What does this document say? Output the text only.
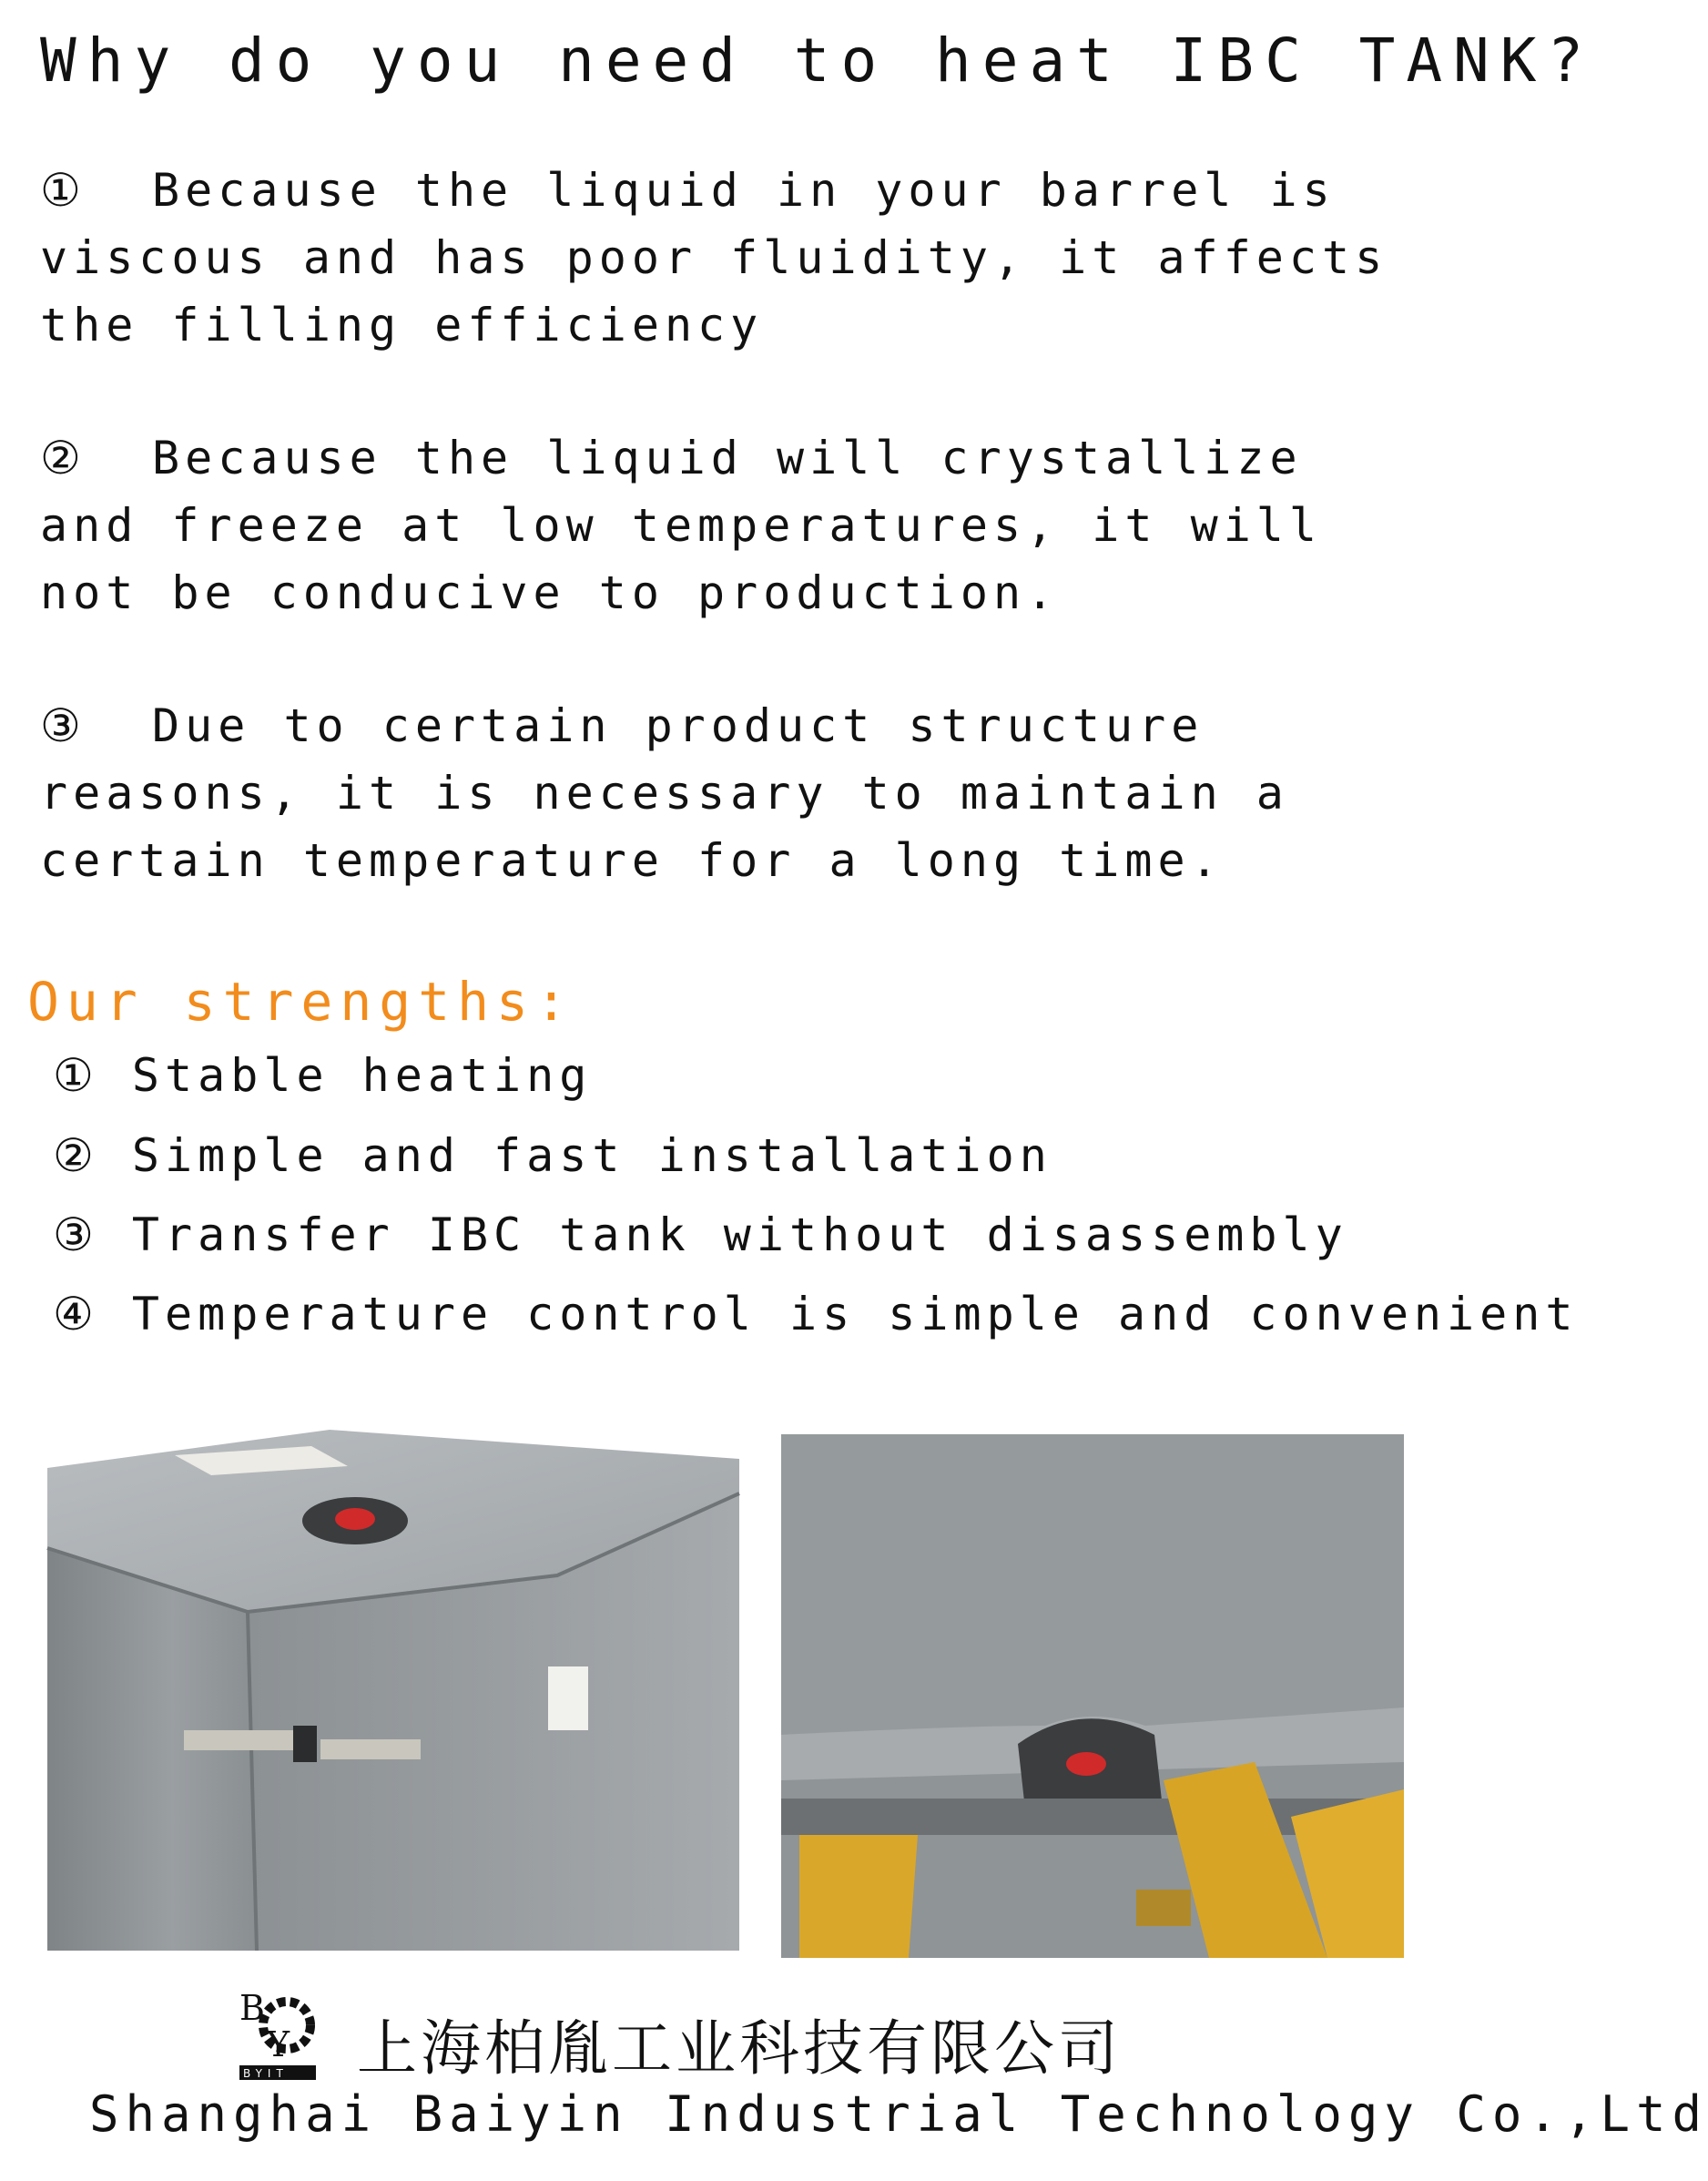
Why do you need to heat IBC TANK?
①  Because the liquid in your barrel is viscous and has poor fluidity, it affects the filling efficiency
②  Because the liquid will crystallize and freeze at low temperatures, it will not be conducive to production.
③  Due to certain product structure reasons, it is necessary to maintain a certain temperature for a long time.
Our strengths:
① Stable heating
② Simple and fast installation
③ Transfer IBC tank without disassembly
④ Temperature control is simple and convenient
B
Y
BYIT 上海柏胤工业科技有限公司
Shanghai Baiyin Industrial Technology Co.,Ltd
